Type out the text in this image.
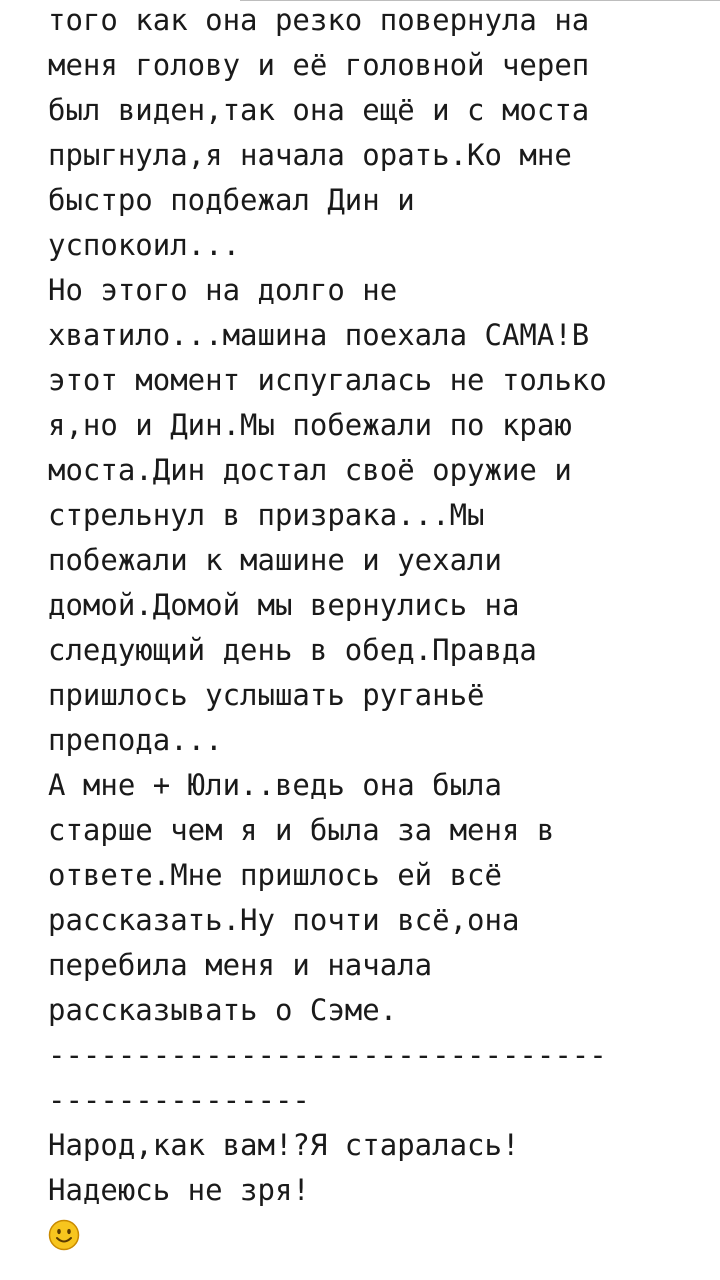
того как она резко повернула на
меня голову и её головной череп
был виден,так она ещё и с моста
прыгнула,я начала орать.Ко мне
быстро подбежал Дин и
успокоил...
Но этого на долго не
хватило...машина поехала САМА!В
этот момент испугалась не только
я,но и Дин.Мы побежали по краю
моста.Дин достал своё оружие и
стрельнул в призрака...Мы
побежали к машине и уехали
домой.Домой мы вернулись на
следующий день в обед.Правда
пришлось услышать руганьё
препода...
А мне + Юли..ведь она была
старше чем я и была за меня в
ответе.Мне пришлось ей всё
рассказать.Ну почти всё,она
перебила меня и начала
рассказывать о Сэме.
--------------------------------
---------------
Народ,как вам!?Я старалась!
Надеюсь не зря!
